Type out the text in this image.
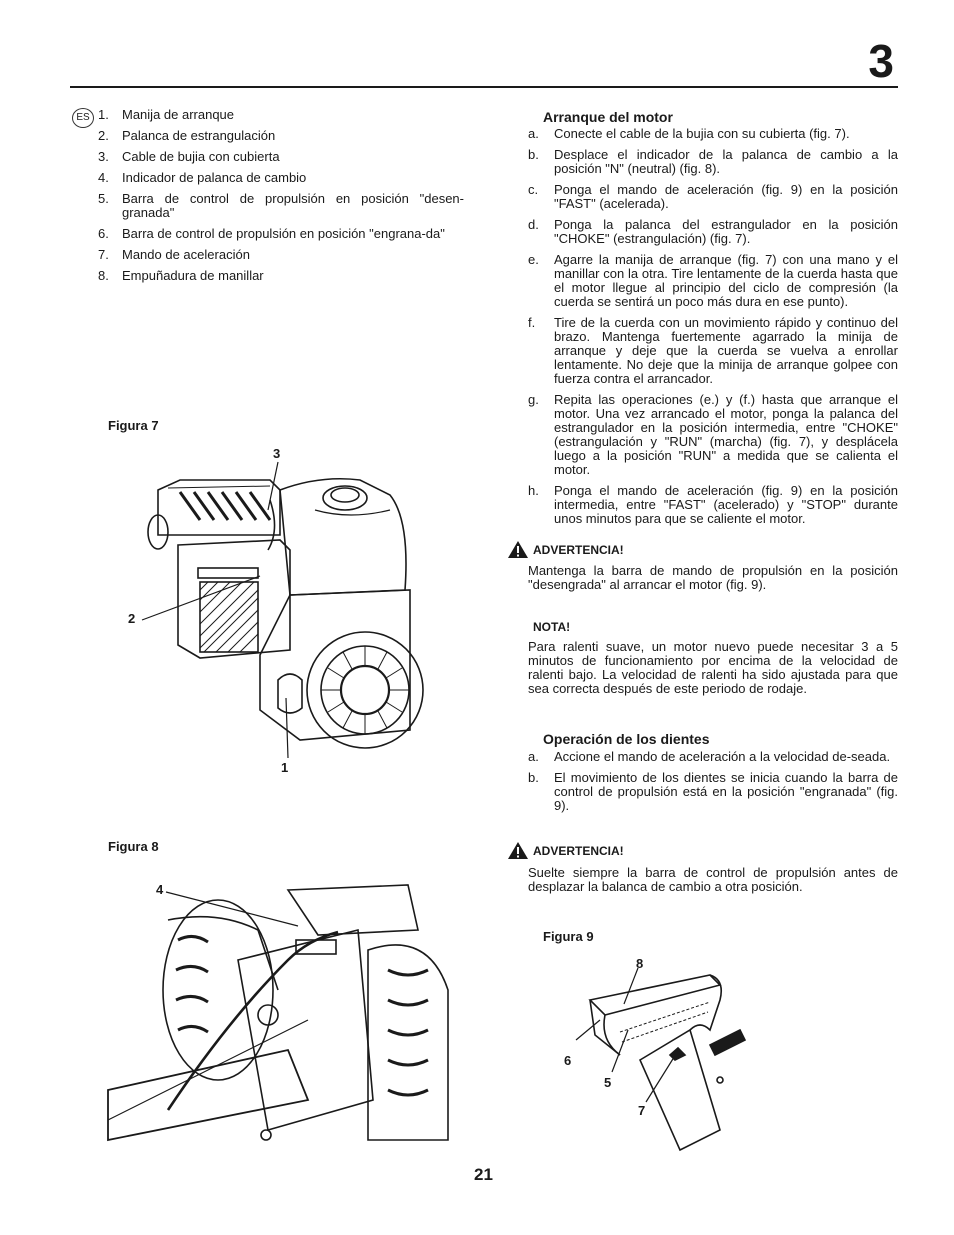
3
ES 1.	Manija de arranque
2.	Palanca de estrangulación
3.	Cable de bujia con cubierta
4.	Indicador de palanca de cambio
5.	Barra de control de propulsión en posición "desen-granada"
6.	Barra de control de propulsión en posición "engrana-da"
7.	Mando de aceleración
8.	Empuñadura de manillar
Figura 7
3
2
1
Figura 8
4
Arranque del motor
a.	Conecte el cable de la bujia con su cubierta (fig. 7).
b.	Desplace el indicador de la palanca de cambio a la posición "N" (neutral) (fig. 8).
c.	Ponga el mando de aceleración (fig. 9) en la posición "FAST" (acelerada).
d.	Ponga la palanca del estrangulador en la posición "CHOKE" (estrangulación) (fig. 7).
e.	Agarre la manija de arranque (fig. 7) con una mano y el manillar con la otra. Tire lentamente de la cuerda hasta que el motor llegue al principio del ciclo de compresión (la cuerda se sentirá un poco más dura en ese punto).
f.	Tire de la cuerda con un movimiento rápido y continuo del brazo. Mantenga fuertemente agarrado la minija de arranque y deje que la cuerda se vuelva a enrollar lentamente. No deje que la minija de arranque golpee con fuerza contra el arrancador.
g.	Repita las operaciones (e.) y (f.) hasta que arranque el motor. Una vez arrancado el motor, ponga la palanca del estrangulador en la posición intermedia, entre "CHOKE" (estrangulación y "RUN" (marcha) (fig. 7), y desplácela luego a la posición "RUN" a medida que se calienta el motor.
h.	Ponga el mando de aceleración (fig. 9) en la posición intermedia, entre "FAST" (acelerado) y "STOP" durante unos minutos para que se caliente el motor.
ADVERTENCIA!
Mantenga la barra de mando de propulsión en la posición "desengrada" al arrancar el motor (fig. 9).
NOTA!
Para ralenti suave, un motor nuevo puede necesitar 3 a 5 minutos de funcionamiento por encima de la velocidad de ralenti bajo. La velocidad de ralenti ha sido ajustada para que sea correcta después de este periodo de rodaje.
Operación de los dientes
a.	Accione el mando de aceleración a la velocidad de-seada.
b.	El movimiento de los dientes se inicia cuando la barra de control de propulsión está en la posición "engranada" (fig. 9).
ADVERTENCIA!
Suelte siempre la barra de control de propulsión antes de desplazar la balanca de cambio a otra posición.
Figura 9
8
6
5
7
21
